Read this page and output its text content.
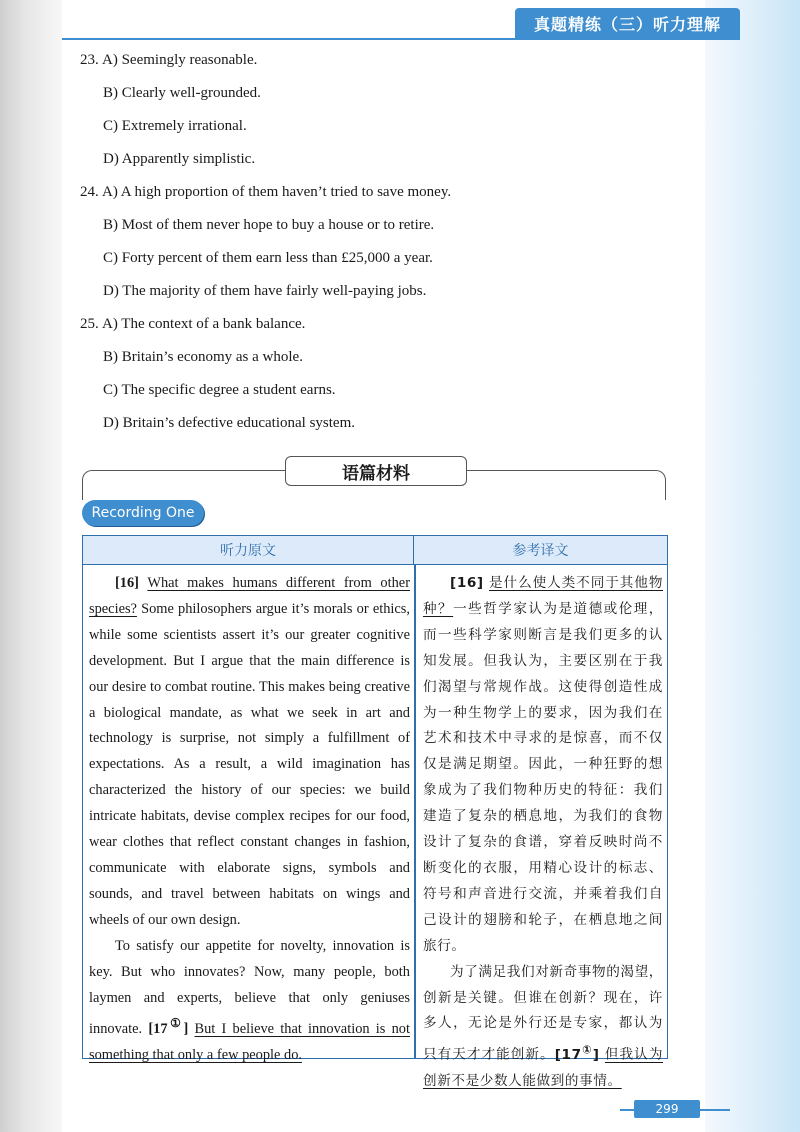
真题精练（三）听力理解
23. A) Seemingly reasonable.
B) Clearly well-grounded.
C) Extremely irrational.
D) Apparently simplistic.
24. A) A high proportion of them haven’t tried to save money.
B) Most of them never hope to buy a house or to retire.
C) Forty percent of them earn less than £25,000 a year.
D) The majority of them have fairly well-paying jobs.
25. A) The context of a bank balance.
B) Britain’s economy as a whole.
C) The specific degree a student earns.
D) Britain’s defective educational system.
语篇材料
Recording One
听力原文	参考译文

[16] What makes humans different from other species? Some philosophers argue it’s morals or ethics, while some scientists assert it’s our greater cognitive development. But I argue that the main difference is our desire to combat routine. This makes being creative a biological mandate, as what we seek in art and technology is surprise, not simply a fulfillment of expectations. As a result, a wild imagination has characterized the history of our species: we build intricate habitats, devise complex recipes for our food, wear clothes that reflect constant changes in fashion, communicate with elaborate signs, symbols and sounds, and travel between habitats on wings and wheels of our own design.

To satisfy our appetite for novelty, innovation is key. But who innovates? Now, many people, both laymen and experts, believe that only geniuses innovate. [17①] But I believe that innovation is not something that only a few people do.

[16] 是什么使人类不同于其他物种？一些哲学家认为是道德或伦理，而一些科学家则断言是我们更多的认知发展。但我认为，主要区别在于我们渴望与常规作战。这使得创造性成为一种生物学上的要求，因为我们在艺术和技术中寻求的是惊喜，而不仅仅是满足期望。因此，一种狂野的想象成为了我们物种历史的特征：我们建造了复杂的栖息地，为我们的食物设计了复杂的食谱，穿着反映时尚不断变化的衣服，用精心设计的标志、符号和声音进行交流，并乘着我们自己设计的翅膀和轮子，在栖息地之间旅行。

为了满足我们对新奇事物的渴望，创新是关键。但谁在创新？现在，许多人，无论是外行还是专家，都认为只有天才才能创新。[17①] 但我认为创新不是少数人能做到的事情。

299
